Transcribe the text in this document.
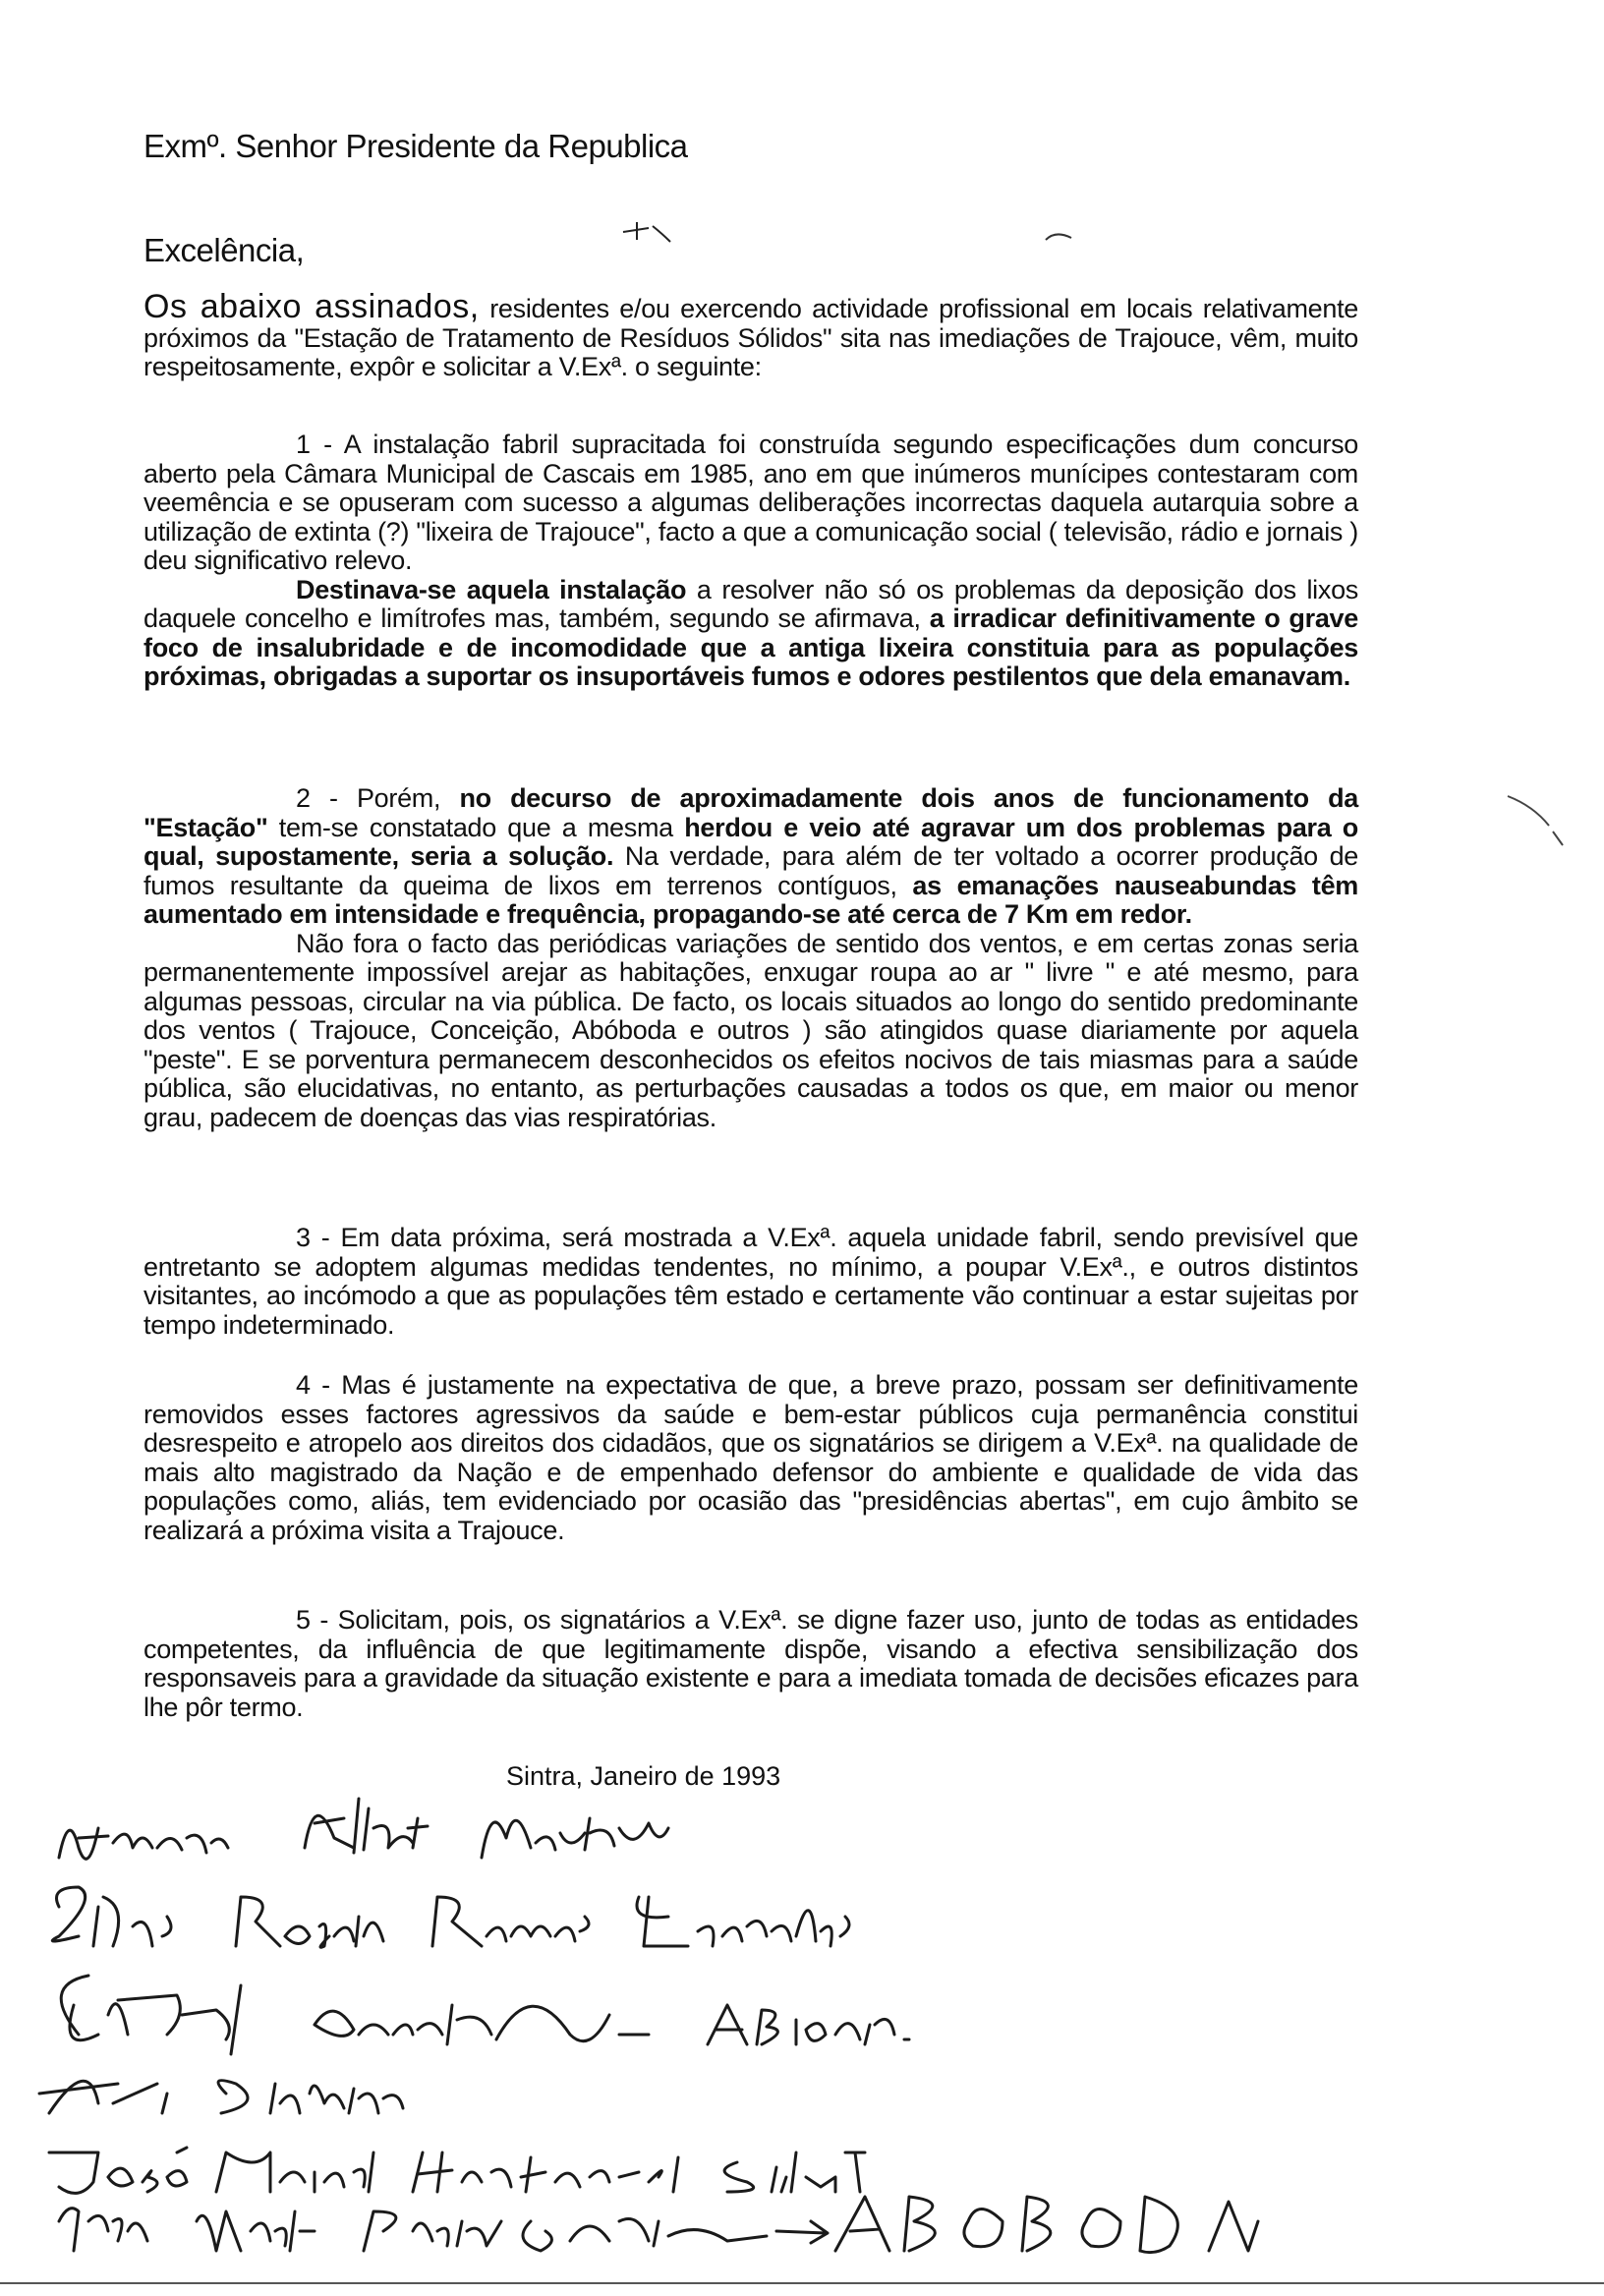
Exmº. Senhor Presidente da Republica
Excelência,

Os abaixo assinados, residentes e/ou exercendo actividade profissional em locais relativamente próximos da "Estação de Tratamento de Resíduos Sólidos" sita nas imediações de Trajouce, vêm, muito respeitosamente, expôr e solicitar a V.Exª. o seguinte:

1 - A instalação fabril supracitada foi construída segundo especificações dum concurso aberto pela Câmara Municipal de Cascais em 1985, ano em que inúmeros munícipes contestaram com veemência e se opuseram com sucesso a algumas deliberações incorrectas daquela autarquia sobre a utilização de extinta (?) "lixeira de Trajouce", facto a que a comunicação social ( televisão, rádio e jornais ) deu significativo relevo.

Destinava-se aquela instalação a resolver não só os problemas da deposição dos lixos daquele concelho e limítrofes mas, também, segundo se afirmava, a irradicar definitivamente o grave foco de insalubridade e de incomodidade que a antiga lixeira constituia para as populações próximas, obrigadas a suportar os insuportáveis fumos e odores pestilentos que dela emanavam.

2 - Porém, no decurso de aproximadamente dois anos de funcionamento da "Estação" tem-se constatado que a mesma herdou e veio até agravar um dos problemas para o qual, supostamente, seria a solução. Na verdade, para além de ter voltado a ocorrer produção de fumos resultante da queima de lixos em terrenos contíguos, as emanações nauseabundas têm aumentado em intensidade e frequência, propagando-se até cerca de 7 Km em redor.

Não fora o facto das periódicas variações de sentido dos ventos, e em certas zonas seria permanentemente impossível arejar as habitações, enxugar roupa ao ar " livre " e até mesmo, para algumas pessoas, circular na via pública. De facto, os locais situados ao longo do sentido predominante dos ventos ( Trajouce, Conceição, Abóboda e outros ) são atingidos quase diariamente por aquela "peste". E se porventura permanecem desconhecidos os efeitos nocivos de tais miasmas para a saúde pública, são elucidativas, no entanto, as perturbações causadas a todos os que, em maior ou menor grau, padecem de doenças das vias respiratórias.

3 - Em data próxima, será mostrada a V.Exª. aquela unidade fabril, sendo previsível que entretanto se adoptem algumas medidas tendentes, no mínimo, a poupar V.Exª., e outros distintos visitantes, ao incómodo a que as populações têm estado e certamente vão continuar a estar sujeitas por tempo indeterminado.

4 - Mas é justamente na expectativa de que, a breve prazo, possam ser definitivamente removidos esses factores agressivos da saúde e bem-estar públicos cuja permanência constitui desrespeito e atropelo aos direitos dos cidadãos, que os signatários se dirigem a V.Exª. na qualidade de mais alto magistrado da Nação e de empenhado defensor do ambiente e qualidade de vida das populações como, aliás, tem evidenciado por ocasião das "presidências abertas", em cujo âmbito se realizará a próxima visita a Trajouce.

5 - Solicitam, pois, os signatários a V.Exª. se digne fazer uso, junto de todas as entidades competentes, da influência de que legitimamente dispõe, visando a efectiva sensibilização dos responsaveis para a gravidade da situação existente e para a imediata tomada de decisões eficazes para lhe pôr termo.

Sintra, Janeiro de 1993
